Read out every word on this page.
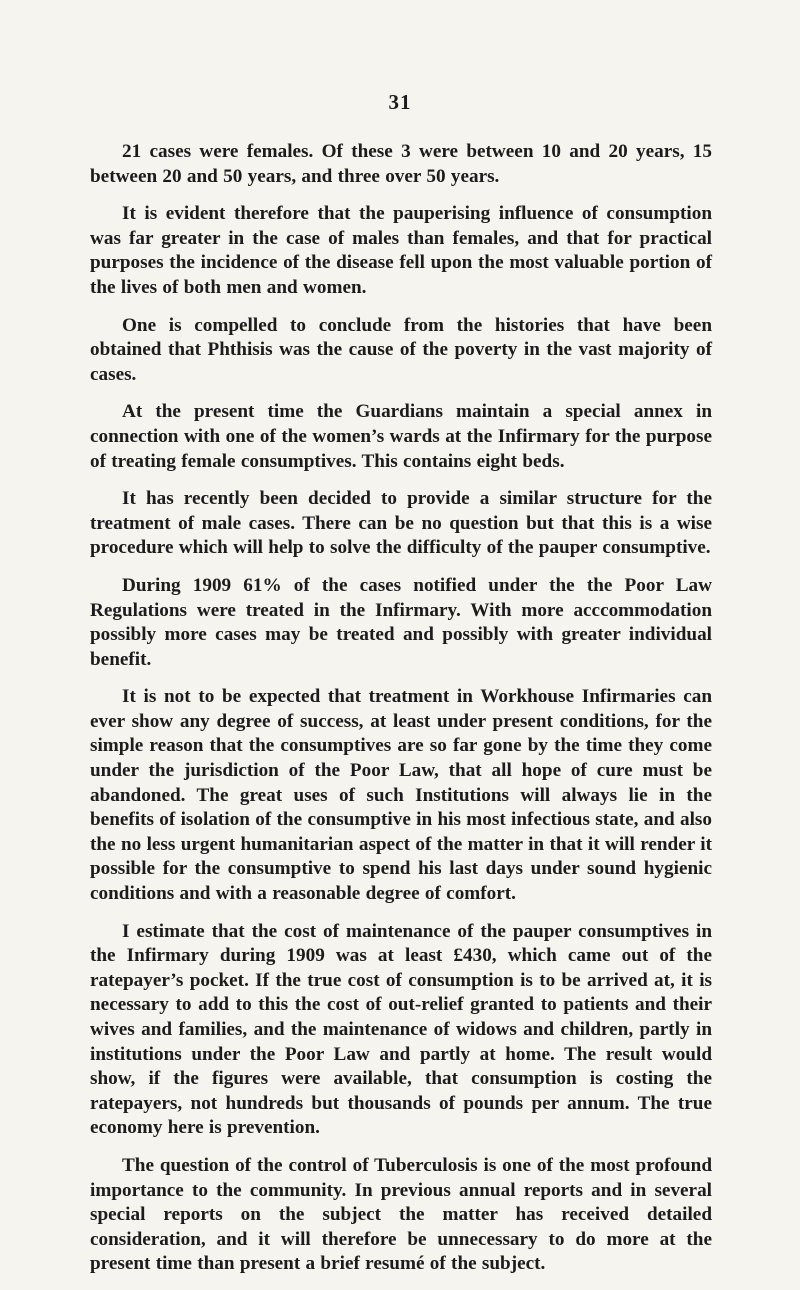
31

21 cases were females. Of these 3 were between 10 and 20 years, 15 between 20 and 50 years, and three over 50 years.

It is evident therefore that the pauperising influence of consumption was far greater in the case of males than females, and that for practical purposes the incidence of the disease fell upon the most valuable portion of the lives of both men and women.

One is compelled to conclude from the histories that have been obtained that Phthisis was the cause of the poverty in the vast majority of cases.

At the present time the Guardians maintain a special annex in connection with one of the women’s wards at the Infirmary for the purpose of treating female consumptives. This contains eight beds.

It has recently been decided to provide a similar structure for the treatment of male cases. There can be no question but that this is a wise procedure which will help to solve the difficulty of the pauper consumptive.

During 1909 61% of the cases notified under the the Poor Law Regulations were treated in the Infirmary. With more acccommodation possibly more cases may be treated and possibly with greater individual benefit.

It is not to be expected that treatment in Workhouse Infirmaries can ever show any degree of success, at least under present conditions, for the simple reason that the consumptives are so far gone by the time they come under the jurisdiction of the Poor Law, that all hope of cure must be abandoned. The great uses of such Institutions will always lie in the benefits of isolation of the consumptive in his most infectious state, and also the no less urgent humanitarian aspect of the matter in that it will render it possible for the consumptive to spend his last days under sound hygienic conditions and with a reasonable degree of comfort.

I estimate that the cost of maintenance of the pauper consumptives in the Infirmary during 1909 was at least £430, which came out of the ratepayer’s pocket. If the true cost of consumption is to be arrived at, it is necessary to add to this the cost of out-relief granted to patients and their wives and families, and the maintenance of widows and children, partly in institutions under the Poor Law and partly at home. The result would show, if the figures were available, that consumption is costing the ratepayers, not hundreds but thousands of pounds per annum. The true economy here is prevention.

The question of the control of Tuberculosis is one of the most profound importance to the community. In previous annual reports and in several special reports on the subject the matter has received detailed consideration, and it will therefore be unnecessary to do more at the present time than present a brief resumé of the subject.
